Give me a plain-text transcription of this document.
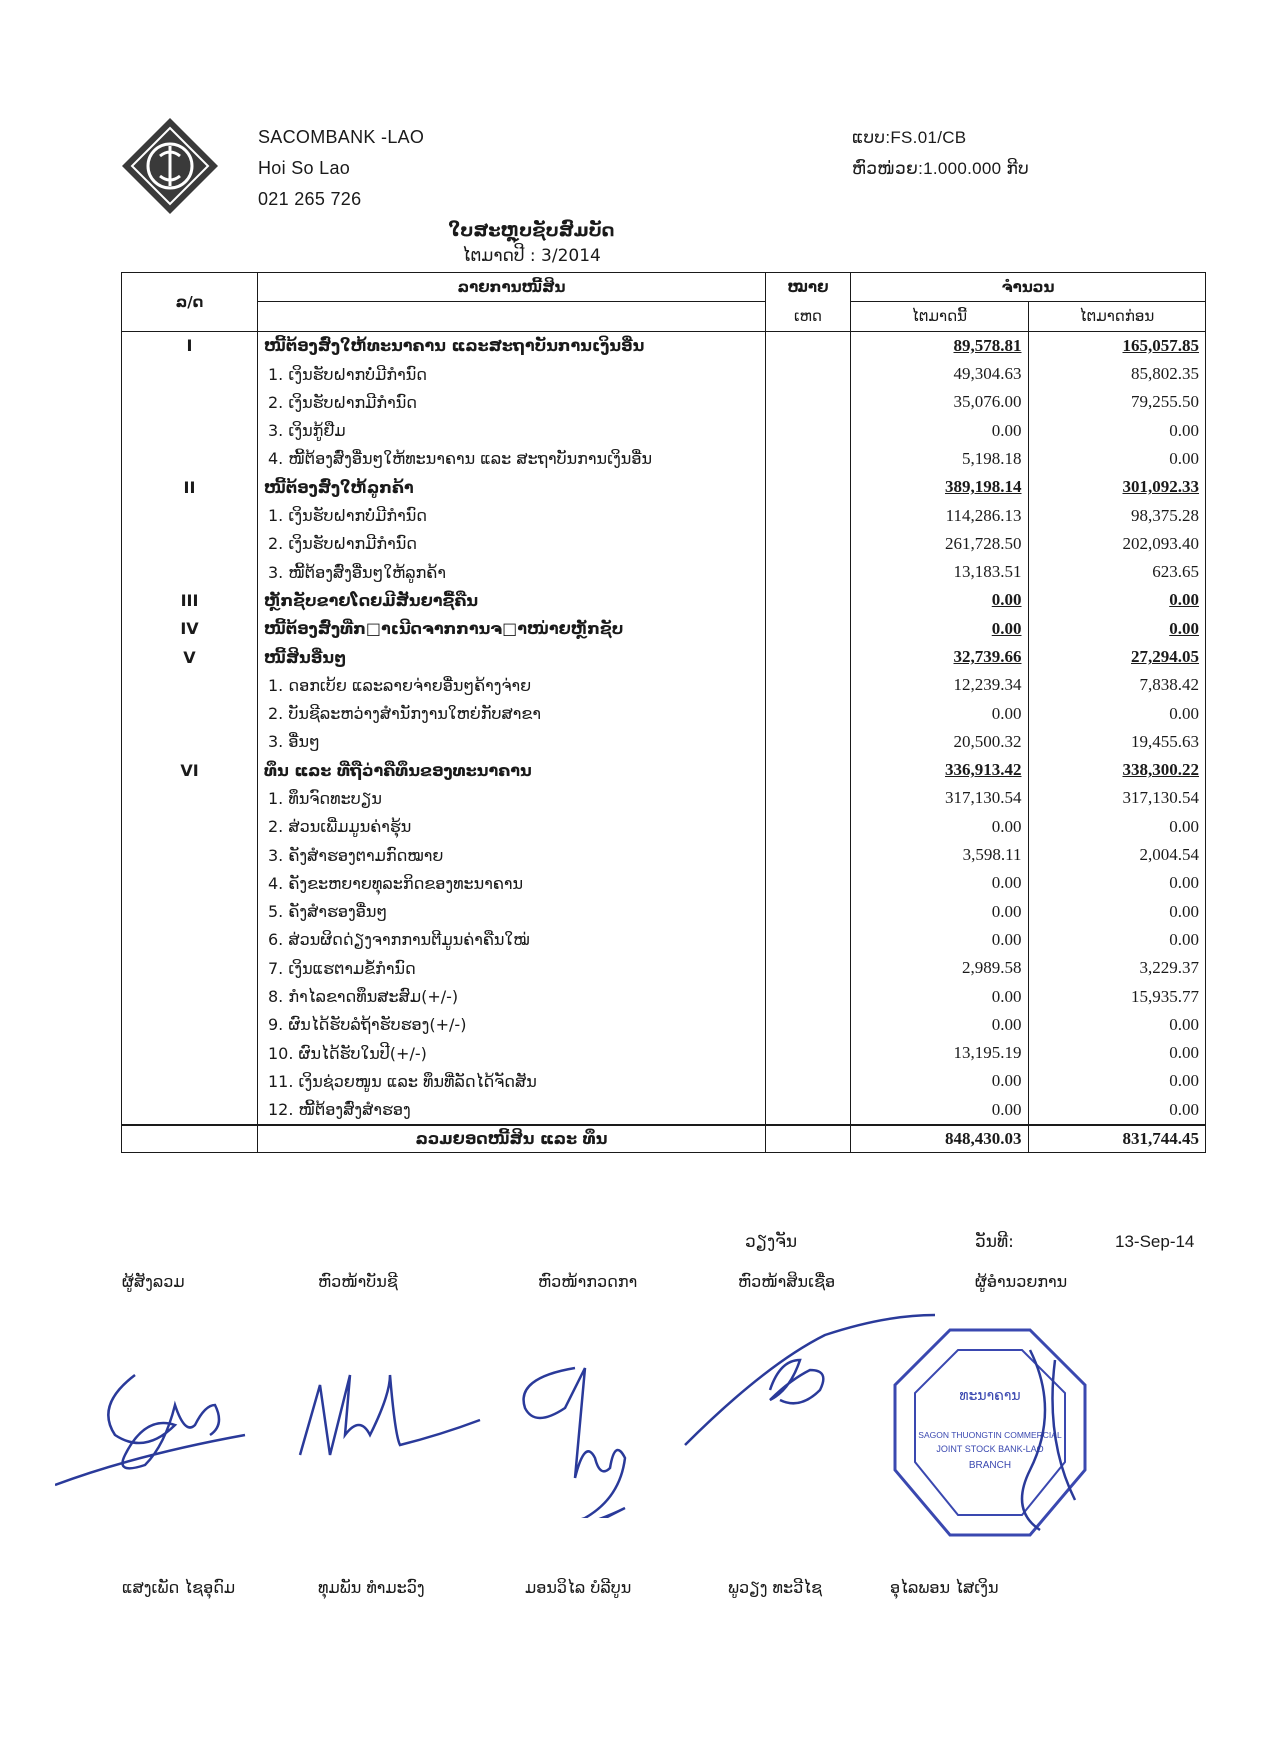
SACOMBANK -LAO
Hoi So Lao
021 265 726
ແບບ:FS.01/CB
ຫົວໜ່ວຍ:1.000.000 ກີບ
ໃບສະຫຼຸບຊັບສົມບັດ
ໄຕມາດປີ : 3/2014
ລ/ດ	ລາຍການໜີ້ສິນ	ໝາຍ	ຈຳນວນ	
		ເຫດ	ໄຕມາດນີ້	ໄຕມາດກ່ອນ
I	ໜີ້ຕ້ອງສົ່ງໃຫ້ທະນາຄານ ແລະສະຖາບັນການເງິນອື່ນ		89,578.81	165,057.85
	1. ເງິນຮັບຝາກບໍ່ມີກຳນົດ		49,304.63	85,802.35
	2. ເງິນຮັບຝາກມີກຳນົດ		35,076.00	79,255.50
	3. ເງິນກູ້ຢືມ		0.00	0.00
	4. ໜີ້ຕ້ອງສົ່ງອື່ນໆໃຫ້ທະນາຄານ ແລະ ສະຖາບັນການເງິນອື່ນ		5,198.18	0.00
II	ໜີ້ຕ້ອງສົ່ງໃຫ້ລູກຄ້າ		389,198.14	301,092.33
	1. ເງິນຮັບຝາກບໍ່ມີກຳນົດ		114,286.13	98,375.28
	2. ເງິນຮັບຝາກມີກຳນົດ		261,728.50	202,093.40
	3. ໜີ້ຕ້ອງສົ່ງອື່ນໆໃຫ້ລູກຄ້າ		13,183.51	623.65
III	ຫຼັກຊັບຂາຍໂດຍມີສັນຍາຊື້ຄືນ		0.00	0.00
IV	ໜີ້ຕ້ອງສົ່ງທີ່ກ□າເນີດຈາກການຈ□າໜ່າຍຫຼັກຊັບ		0.00	0.00
V	ໜີ້ສິນອື່ນໆ		32,739.66	27,294.05
	1. ດອກເບ້ຍ ແລະລາຍຈ່າຍອື່ນໆຄ້າງຈ່າຍ		12,239.34	7,838.42
	2. ບັນຊີລະຫວ່າງສຳນັກງານໃຫຍ່ກັບສາຂາ		0.00	0.00
	3. ອື່ນໆ		20,500.32	19,455.63
VI	ທຶນ ແລະ ທີ່ຖືວ່າຄືທຶນຂອງທະນາຄານ		336,913.42	338,300.22
	1. ທຶນຈົດທະບຽນ		317,130.54	317,130.54
	2. ສ່ວນເພີ່ມມູນຄ່າຮຸ້ນ		0.00	0.00
	3. ຄັງສຳຮອງຕາມກົດໝາຍ		3,598.11	2,004.54
	4. ຄັງຂະຫຍາຍທຸລະກິດຂອງທະນາຄານ		0.00	0.00
	5. ຄັງສຳຮອງອື່ນໆ		0.00	0.00
	6. ສ່ວນຜິດດ່ຽງຈາກການຕີມູນຄ່າຄືນໃໝ່		0.00	0.00
	7. ເງິນແຮຕາມຂໍ້ກຳນົດ		2,989.58	3,229.37
	8. ກຳໄລຂາດທຶນສະສົມ(+/-)		0.00	15,935.77
	9. ຜົນໄດ້ຮັບລໍຖ້າຮັບຮອງ(+/-)		0.00	0.00
	10. ຜົນໄດ້ຮັບໃນປີ(+/-)		13,195.19	0.00
	11. ເງິນຊ່ວຍໜູນ ແລະ ທຶນທີ່ລັດໄດ້ຈັດສັນ		0.00	0.00
	12. ໜີ້ຕ້ອງສົ່ງສຳຮອງ		0.00	0.00
	ລວມຍອດໜີ້ສິນ ແລະ ທຶນ		848,430.03	831,744.45
ວຽງຈັນ	ວັນທີ:	13-Sep-14
ຜູ້ສັງລວມ	ຫົວໜ້າບັນຊີ	ຫົວໜ້າກວດກາ	ຫົວໜ້າສິນເຊື່ອ	ຜູ້ອຳນວຍການ
ທະນາຄານ
SAGON THUONGTIN COMMERCIAL
JOINT STOCK BANK-LAO
BRANCH
ແສງເພັດ ໄຊອຸດົມ	ທຸມພັນ ທຳມະວົງ	ມອນວິໄລ ບໍລີບູນ	ພູວຽງ ທະວີໄຊ	ອຸໄລພອນ ໄສເງິນ
